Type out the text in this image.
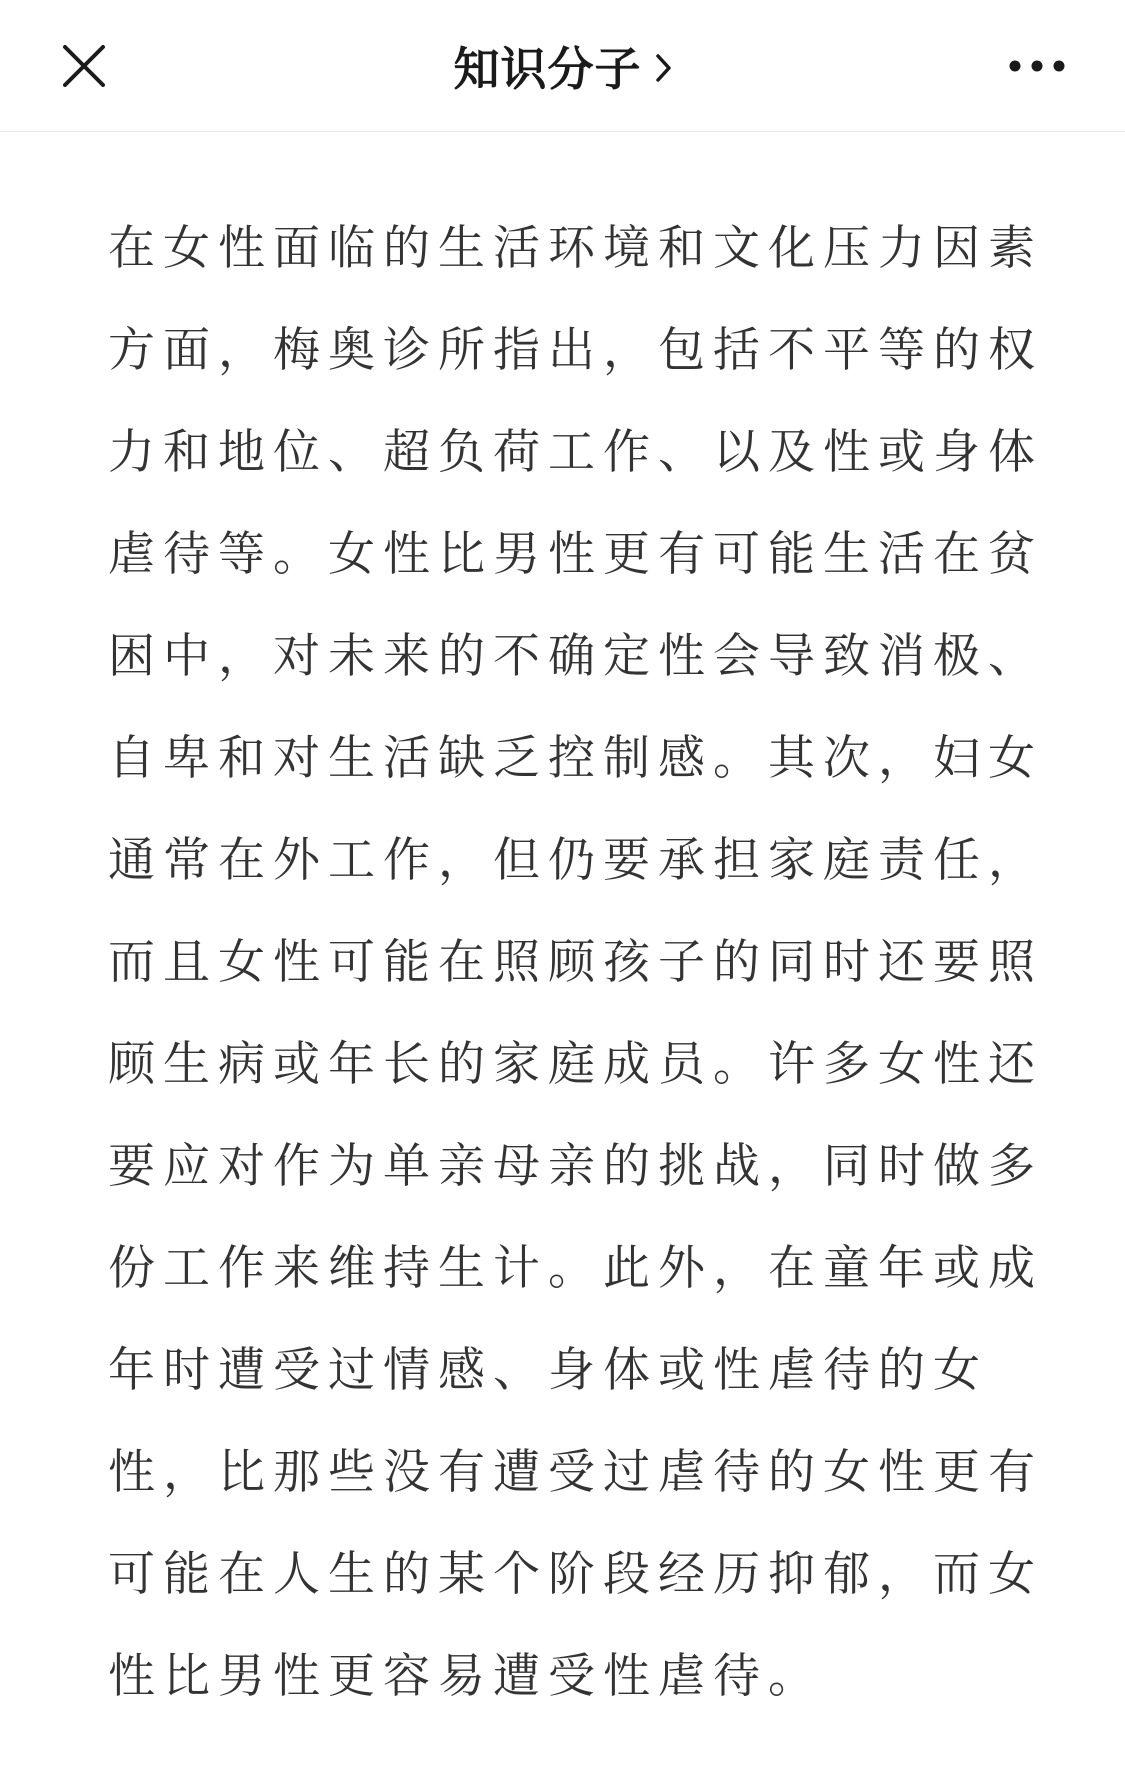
知识分子
在女性面临的生活环境和文化压力因素
方面，梅奥诊所指出，包括不平等的权
力和地位、超负荷工作、以及性或身体
虐待等。女性比男性更有可能生活在贫
困中，对未来的不确定性会导致消极、
自卑和对生活缺乏控制感。其次，妇女
通常在外工作，但仍要承担家庭责任，
而且女性可能在照顾孩子的同时还要照
顾生病或年长的家庭成员。许多女性还
要应对作为单亲母亲的挑战，同时做多
份工作来维持生计。此外，在童年或成
年时遭受过情感、身体或性虐待的女
性，比那些没有遭受过虐待的女性更有
可能在人生的某个阶段经历抑郁，而女
性比男性更容易遭受性虐待。
